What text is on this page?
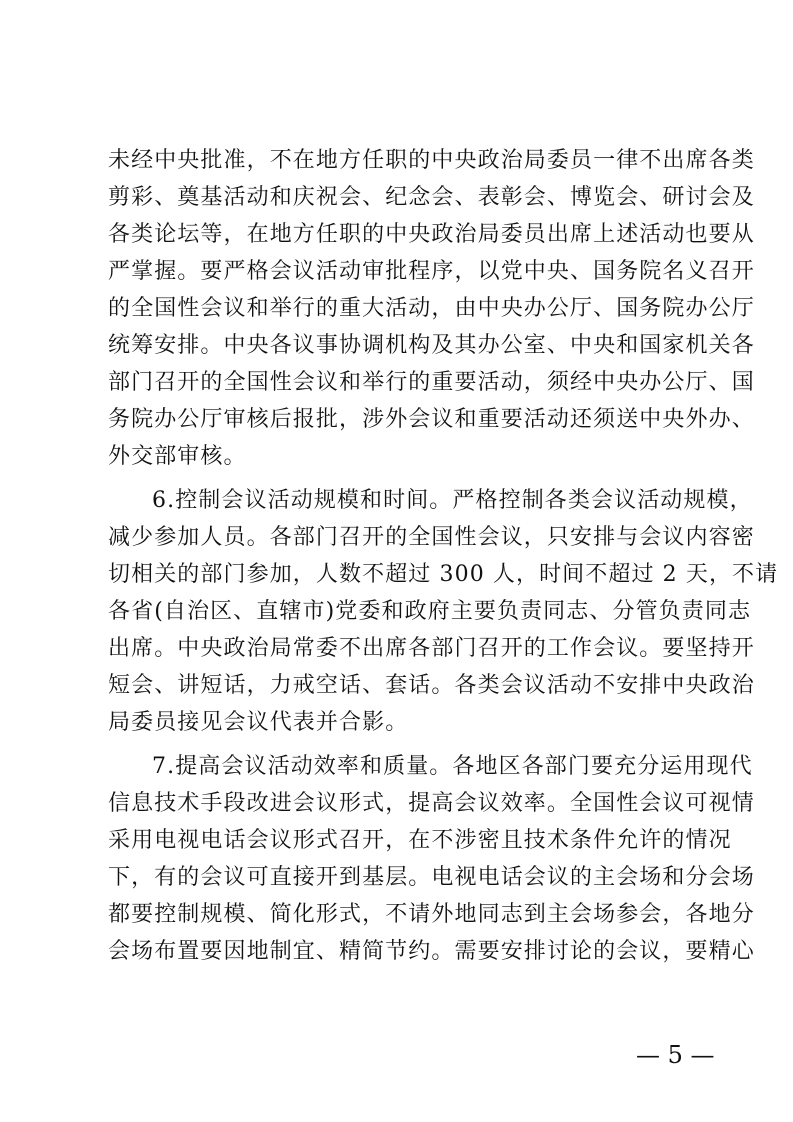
未经中央批准，不在地方任职的中央政治局委员一律不出席各类
剪彩、奠基活动和庆祝会、纪念会、表彰会、博览会、研讨会及
各类论坛等，在地方任职的中央政治局委员出席上述活动也要从
严掌握。要严格会议活动审批程序，以党中央、国务院名义召开
的全国性会议和举行的重大活动，由中央办公厅、国务院办公厅
统筹安排。中央各议事协调机构及其办公室、中央和国家机关各
部门召开的全国性会议和举行的重要活动，须经中央办公厅、国
务院办公厅审核后报批，涉外会议和重要活动还须送中央外办、
外交部审核。
6.控制会议活动规模和时间。严格控制各类会议活动规模，
减少参加人员。各部门召开的全国性会议，只安排与会议内容密
切相关的部门参加，人数不超过 300 人，时间不超过 2 天，不请
各省(自治区、直辖市)党委和政府主要负责同志、分管负责同志
出席。中央政治局常委不出席各部门召开的工作会议。要坚持开
短会、讲短话，力戒空话、套话。各类会议活动不安排中央政治
局委员接见会议代表并合影。
7.提高会议活动效率和质量。各地区各部门要充分运用现代
信息技术手段改进会议形式，提高会议效率。全国性会议可视情
采用电视电话会议形式召开，在不涉密且技术条件允许的情况
下，有的会议可直接开到基层。电视电话会议的主会场和分会场
都要控制规模、简化形式，不请外地同志到主会场参会，各地分
会场布置要因地制宜、精简节约。需要安排讨论的会议，要精心
— 5 —
